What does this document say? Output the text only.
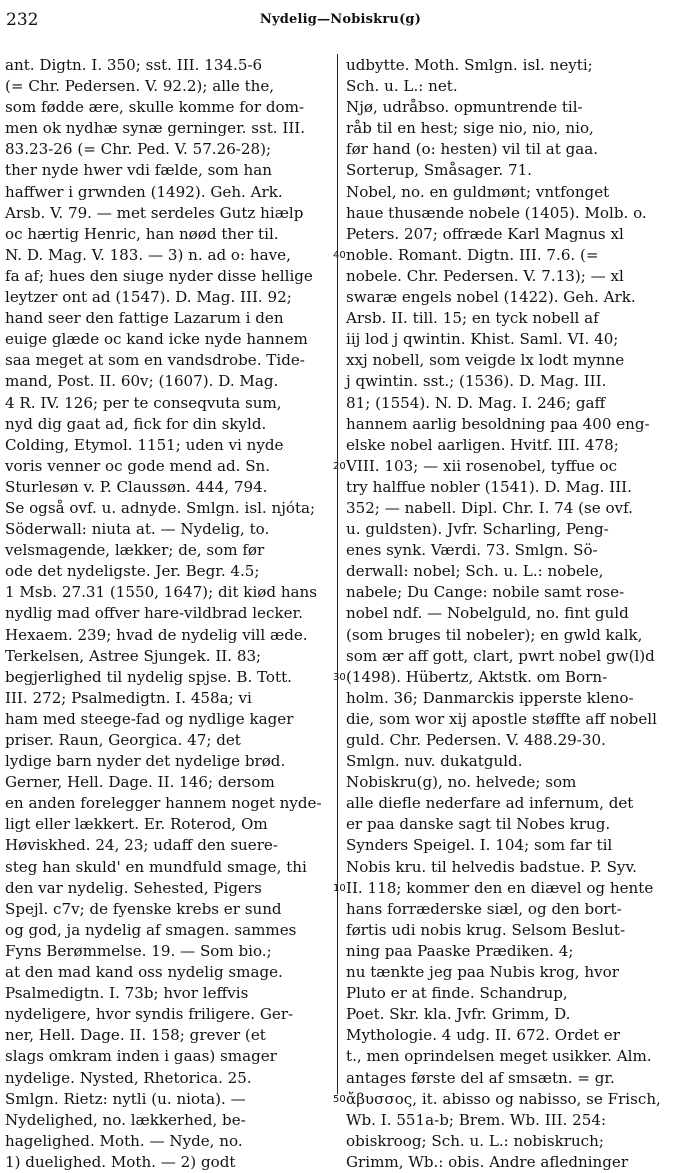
232	Nydelig—Nobiskru(g)
ant. Digtn. I. 350; sst. III. 134.5-6
(= Chr. Pedersen. V. 92.2); alle the,
som fødde ære, skulle komme for dom-
men ok nydhæ synæ gerninger. sst. III.
83.23-26 (= Chr. Ped. V. 57.26-28);
ther nyde hwer vdi fælde, som han
haffwer i grwnden (1492). Geh. Ark.
Arsb. V. 79. — met serdeles Gutz hiælp
oc hærtig Henric, han nøød ther til.
N. D. Mag. V. 183. — 3) n. ad o: have,
fa af; hues den siuge nyder disse hellige
leytzer ont ad (1547). D. Mag. III. 92;
hand seer den fattige Lazarum i den
euige glæde oc kand icke nyde hannem
saa meget at som en vandsdrobe. Tide-
mand, Post. II. 60v; (1607). D. Mag.
4 R. IV. 126; per te conseqvuta sum,
nyd dig gaat ad, fick for din skyld.
Colding, Etymol. 1151; uden vi nyde
voris venner oc gode mend ad. Sn.
Sturlesøn v. P. Claussøn. 444, 794.
Se også ovf. u. adnyde. Smlgn. isl. njóta;
Söderwall: niuta at. — Nydelig, to.
velsmagende, lækker; de, som før
ode det nydeligste. Jer. Begr. 4.5;
1 Msb. 27.31 (1550, 1647); dit kiød hans
nydlig mad offver hare-vildbrad lecker.
Hexaem. 239; hvad de nydelig vill æde.
Terkelsen, Astree Sjungek. II. 83;
begjerlighed til nydelig spjse. B. Tott.
III. 272; Psalmedigtn. I. 458a; vi
ham med steege-fad og nydlige kager
priser. Raun, Georgica. 47; det
lydige barn nyder det nydelige brød.
Gerner, Hell. Dage. II. 146; dersom
en anden forelegger hannem noget nyde-
ligt eller lækkert. Er. Roterod, Om
Høviskhed. 24, 23; udaff den suere-
steg han skuld' en mundfuld smage, thi
den var nydelig. Sehested, Pigers
Spejl. c7v; de fyenske krebs er sund
og god, ja nydelig af smagen. sammes
Fyns Berømmelse. 19. — Som bio.;
at den mad kand oss nydelig smage.
Psalmedigtn. I. 73b; hvor leffvis
nydeligere, hvor syndis friligere. Ger-
ner, Hell. Dage. II. 158; grever (et
slags omkram inden i gaas) smager
nydelige. Nysted, Rhetorica. 25.
Smlgn. Rietz: nytli (u. niota). —
Nydelighed, no. lækkerhed, be-
hagelighed. Moth. — Nyde, no.
1) duelighed. Moth. — 2) godt
udbytte. Moth. Smlgn. isl. neyti;
Sch. u. L.: net.
Njø, udråbso. opmuntrende til-
råb til en hest; sige nio, nio, nio,
før hand (o: hesten) vil til at gaa.
Sorterup, Småsager. 71.
Nobel, no. en guldmønt; vntfonget
haue thusænde nobele (1405). Molb. o.
Peters. 207; offræde Karl Magnus xl
noble. Romant. Digtn. III. 7.6. (=
40
nobele. Chr. Pedersen. V. 7.13); — xl
swaræ engels nobel (1422). Geh. Ark.
Arsb. II. till. 15; en tyck nobell af
iij lod j qwintin. Khist. Saml. VI. 40;
xxj nobell, som veigde lx lodt mynne
j qwintin. sst.; (1536). D. Mag. III.
81; (1554). N. D. Mag. I. 246; gaff
hannem aarlig besoldning paa 400 eng-
elske nobel aarligen. Hvitf. III. 478;
VIII. 103; — xii rosenobel, tyffue oc
20
try halffue nobler (1541). D. Mag. III.
352; — nabell. Dipl. Chr. I. 74 (se ovf.
u. guldsten). Jvfr. Scharling, Peng-
enes synk. Værdi. 73. Smlgn. Sö-
derwall: nobel; Sch. u. L.: nobele,
nabele; Du Cange: nobile samt rose-
nobel ndf. — Nobelguld, no. fint guld
(som bruges til nobeler); en gwld kalk,
som ær aff gott, clart, pwrt nobel gw(l)d
(1498). Hübertz, Aktstk. om Born-
30
holm. 36; Danmarckis ipperste kleno-
die, som wor xij apostle støffte aff nobell
guld. Chr. Pedersen. V. 488.29-30.
Smlgn. nuv. dukatguld.
Nobiskru(g), no. helvede; som
alle diefle nederfare ad infernum, det
er paa danske sagt til Nobes krug.
Synders Speigel. I. 104; som far til
Nobis kru. til helvedis badstue. P. Syv.
II. 118; kommer den en diævel og hente
10
hans forræderske siæl, og den bort-
førtis udi nobis krug. Selsom Beslut-
ning paa Paaske Prædiken. 4;
nu tænkte jeg paa Nubis krog, hvor
Pluto er at finde. Schandrup,
Poet. Skr. kla. Jvfr. Grimm, D.
Mythologie. 4 udg. II. 672. Ordet er
t., men oprindelsen meget usikker. Alm.
antages første del af smsætn. = gr.
ἄβυσσος, it. abisso og nabisso, se Frisch,
50
Wb. I. 551a-b; Brem. Wb. III. 254:
obiskroog; Sch. u. L.: nobiskruch;
Grimm, Wb.: obis. Andre afledninger
